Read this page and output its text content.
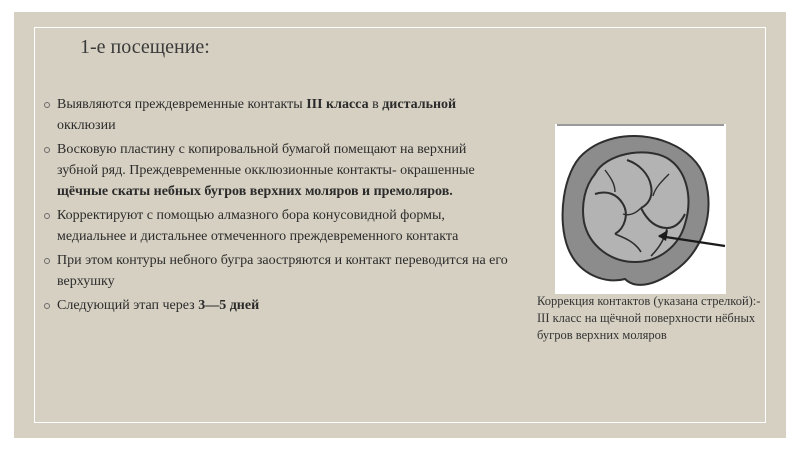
1-е посещение:
Выявляются преждевременные контакты III класса в дистальной окклюзии
Восковую пластину с копировальной бумагой помещают на верхний зубной ряд. Преждевременные окклюзионные контакты- окрашенные щёчные скаты небных бугров верхних моляров и премоляров.
Корректируют с помощью алмазного бора конусовидной формы, медиальнее и дистальнее отмеченного преждевременного контакта
При этом контуры небного бугра заостряются и контакт переводится на его верхушку
Следующий этап через 3—5 дней	Коррекция контактов (указана стрелкой):- III класс на щёчной поверхности нёбных бугров верхних моляров
